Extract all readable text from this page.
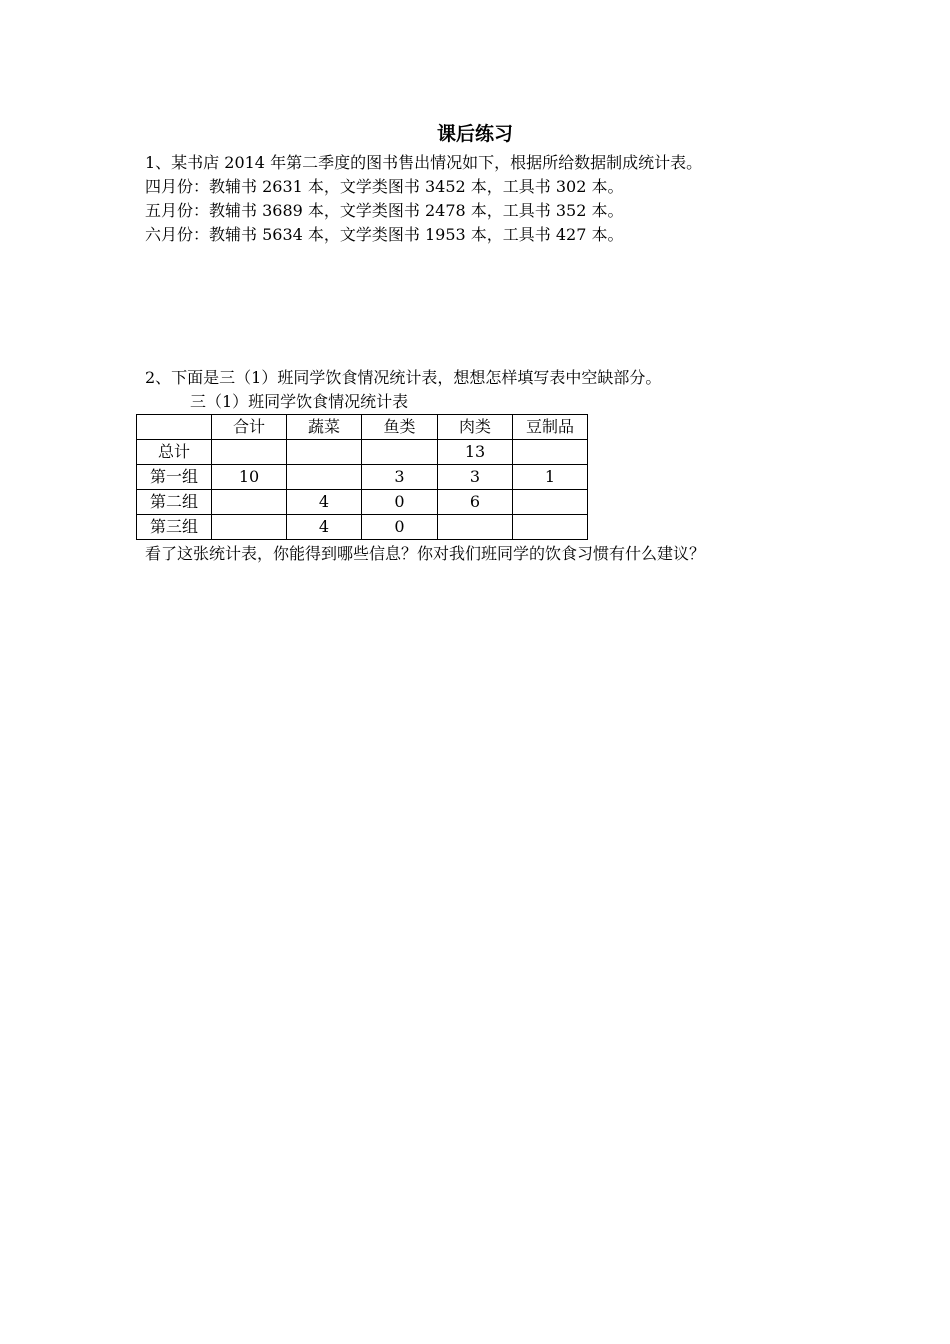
课后练习
1、某书店 2014 年第二季度的图书售出情况如下，根据所给数据制成统计表。
四月份：教辅书 2631 本，文学类图书 3452 本，工具书 302 本。
五月份：教辅书 3689 本，文学类图书 2478 本，工具书 352 本。
六月份：教辅书 5634 本，文学类图书 1953 本，工具书 427 本。
2、下面是三（1）班同学饮食情况统计表，想想怎样填写表中空缺部分。
三（1）班同学饮食情况统计表
	合计	蔬菜	鱼类	肉类	豆制品
总计				13	
第一组	10		3	3	1
第二组		4	0	6	
第三组		4	0		
看了这张统计表，你能得到哪些信息？你对我们班同学的饮食习惯有什么建议？
